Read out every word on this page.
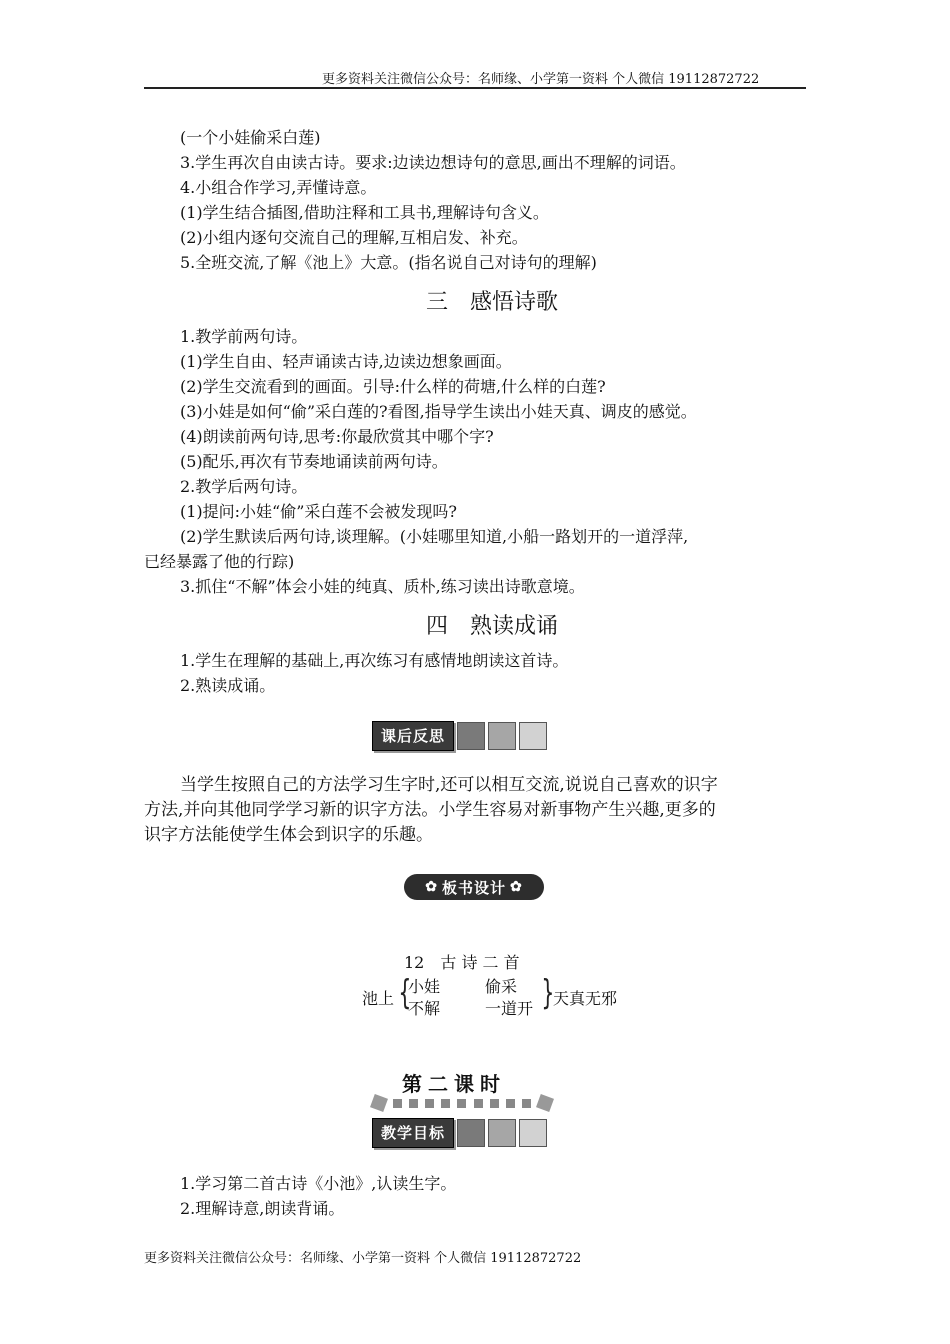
更多资料关注微信公众号：名师缘、小学第一资料 个人微信 19112872722
(一个小娃偷采白莲)
3.学生再次自由读古诗。要求:边读边想诗句的意思,画出不理解的词语。
4.小组合作学习,弄懂诗意。
(1)学生结合插图,借助注释和工具书,理解诗句含义。
(2)小组内逐句交流自己的理解,互相启发、补充。
5.全班交流,了解《池上》大意。(指名说自己对诗句的理解)
三　感悟诗歌
1.教学前两句诗。
(1)学生自由、轻声诵读古诗,边读边想象画面。
(2)学生交流看到的画面。引导:什么样的荷塘,什么样的白莲?
(3)小娃是如何“偷”采白莲的?看图,指导学生读出小娃天真、调皮的感觉。
(4)朗读前两句诗,思考:你最欣赏其中哪个字?
(5)配乐,再次有节奏地诵读前两句诗。
2.教学后两句诗。
(1)提问:小娃“偷”采白莲不会被发现吗?
(2)学生默读后两句诗,谈理解。(小娃哪里知道,小船一路划开的一道浮萍,
已经暴露了他的行踪)
3.抓住“不解”体会小娃的纯真、质朴,练习读出诗歌意境。
四　熟读成诵
1.学生在理解的基础上,再次练习有感情地朗读这首诗。
2.熟读成诵。
课后反思
当学生按照自己的方法学习生字时,还可以相互交流,说说自己喜欢的识字
方法,并向其他同学学习新的识字方法。小学生容易对新事物产生兴趣,更多的
识字方法能使学生体会到识字的乐趣。
✿ 板书设计 ✿
12　古 诗 二 首
池上 {
小娃	偷采
不解	一道开 }
天真无邪
第二课时
教学目标
1.学习第二首古诗《小池》,认读生字。
2.理解诗意,朗读背诵。
更多资料关注微信公众号：名师缘、小学第一资料 个人微信 19112872722
